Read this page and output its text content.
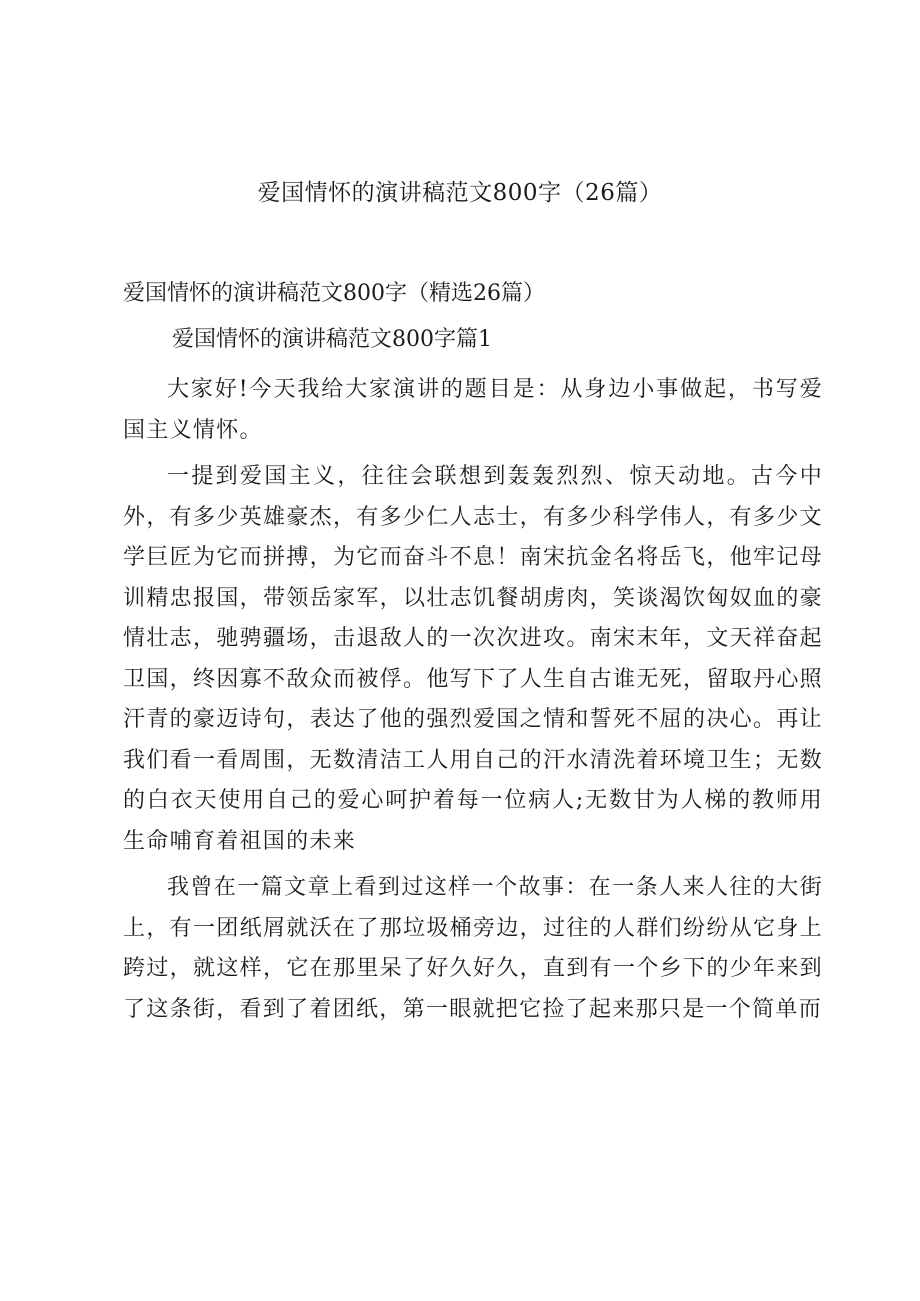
爱国情怀的演讲稿范文800字（26篇）
爱国情怀的演讲稿范文800字（精选26篇）
爱国情怀的演讲稿范文800字篇1

大家好!今天我给大家演讲的题目是：从身边小事做起，书写爱国主义情怀。

一提到爱国主义，往往会联想到轰轰烈烈、惊天动地。古今中外，有多少英雄豪杰，有多少仁人志士，有多少科学伟人，有多少文学巨匠为它而拼搏，为它而奋斗不息！南宋抗金名将岳飞，他牢记母训精忠报国，带领岳家军，以壮志饥餐胡虏肉，笑谈渴饮匈奴血的豪情壮志，驰骋疆场，击退敌人的一次次进攻。南宋末年，文天祥奋起卫国，终因寡不敌众而被俘。他写下了人生自古谁无死，留取丹心照汗青的豪迈诗句，表达了他的强烈爱国之情和誓死不屈的决心。再让我们看一看周围，无数清洁工人用自己的汗水清洗着环境卫生；无数的白衣天使用自己的爱心呵护着每一位病人;无数甘为人梯的教师用生命哺育着祖国的未来

我曾在一篇文章上看到过这样一个故事：在一条人来人往的大街上，有一团纸屑就沃在了那垃圾桶旁边，过往的人群们纷纷从它身上跨过，就这样，它在那里呆了好久好久，直到有一个乡下的少年来到了这条街，看到了着团纸，第一眼就把它捡了起来那只是一个简单而
